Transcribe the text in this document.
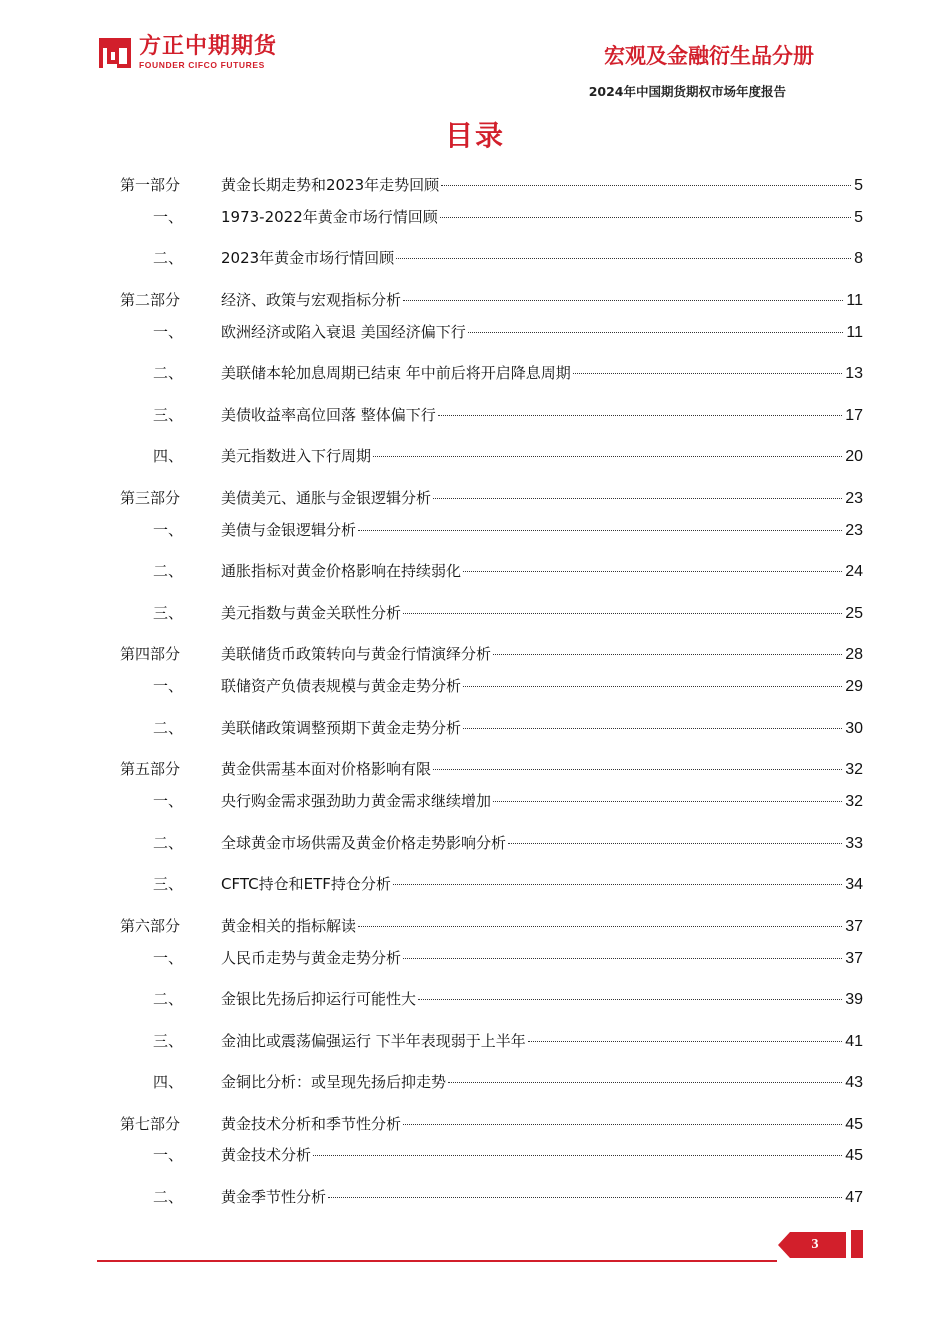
方正中期期货
FOUNDER CIFCO FUTURES	宏观及金融衍生品分册
2024年中国期货期权市场年度报告
目录
第一部分	黄金长期走势和2023年走势回顾	5
一、	1973-2022年黄金市场行情回顾	5
二、	2023年黄金市场行情回顾	8
第二部分	经济、政策与宏观指标分析	11
一、	欧洲经济或陷入衰退 美国经济偏下行	11
二、	美联储本轮加息周期已结束 年中前后将开启降息周期	13
三、	美债收益率高位回落 整体偏下行	17
四、	美元指数进入下行周期	20
第三部分	美债美元、通胀与金银逻辑分析	23
一、	美债与金银逻辑分析	23
二、	通胀指标对黄金价格影响在持续弱化	24
三、	美元指数与黄金关联性分析	25
第四部分	美联储货币政策转向与黄金行情演绎分析	28
一、	联储资产负债表规模与黄金走势分析	29
二、	美联储政策调整预期下黄金走势分析	30
第五部分	黄金供需基本面对价格影响有限	32
一、	央行购金需求强劲助力黄金需求继续增加	32
二、	全球黄金市场供需及黄金价格走势影响分析	33
三、	CFTC持仓和ETF持仓分析	34
第六部分	黄金相关的指标解读	37
一、	人民币走势与黄金走势分析	37
二、	金银比先扬后抑运行可能性大	39
三、	金油比或震荡偏强运行 下半年表现弱于上半年	41
四、	金铜比分析：或呈现先扬后抑走势	43
第七部分	黄金技术分析和季节性分析	45
一、	黄金技术分析	45
二、	黄金季节性分析	47
3
